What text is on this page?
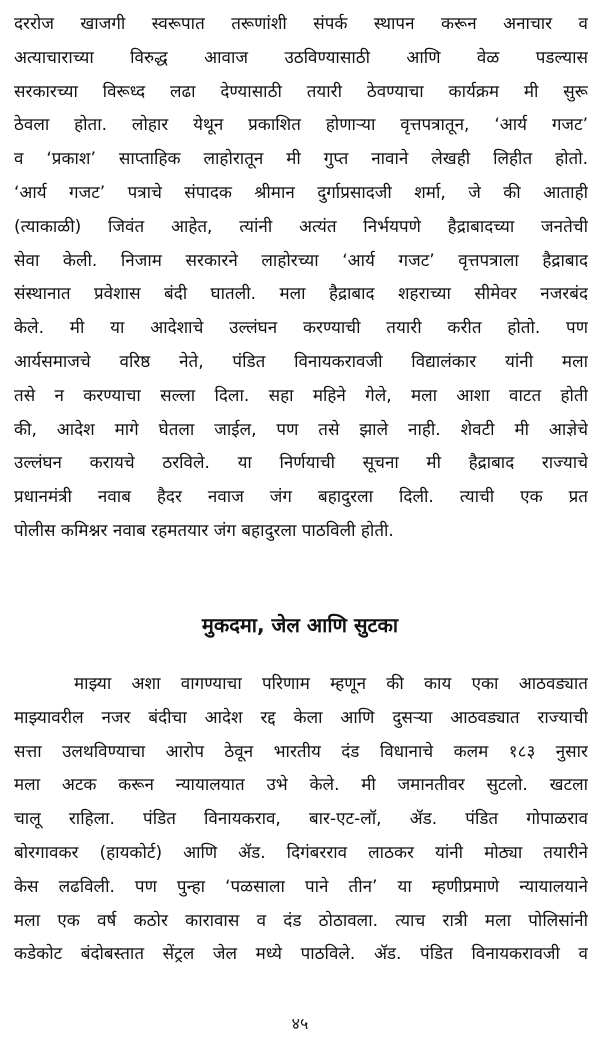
दररोज खाजगी स्वरूपात तरूणांशी संपर्क स्थापन करून अनाचार व
अत्याचाराच्या विरुद्ध आवाज उठविण्यासाठी आणि वेळ पडल्यास
सरकारच्या विरूध्द लढा देण्यासाठी तयारी ठेवण्याचा कार्यक्रम मी सुरू
ठेवला होता. लोहार येथून प्रकाशित होणाऱ्या वृत्तपत्रातून, ‘आर्य गजट’
व ‘प्रकाश’ साप्ताहिक लाहोरातून मी गुप्त नावाने लेखही लिहीत होतो.
‘आर्य गजट’ पत्राचे संपादक श्रीमान दुर्गाप्रसादजी शर्मा, जे की आताही
(त्याकाळी) जिवंत आहेत, त्यांनी अत्यंत निर्भयपणे हैद्राबादच्या जनतेची
सेवा केली. निजाम सरकारने लाहोरच्या ‘आर्य गजट’ वृत्तपत्राला हैद्राबाद
संस्थानात प्रवेशास बंदी घातली. मला हैद्राबाद शहराच्या सीमेवर नजरबंद
केले. मी या आदेशाचे उल्लंघन करण्याची तयारी करीत होतो. पण
आर्यसमाजचे वरिष्ठ नेते, पंडित विनायकरावजी विद्यालंकार यांनी मला
तसे न करण्याचा सल्ला दिला. सहा महिने गेले, मला आशा वाटत होती
की, आदेश मागे घेतला जाईल, पण तसे झाले नाही. शेवटी मी आज्ञेचे
उल्लंघन करायचे ठरविले. या निर्णयाची सूचना मी हैद्राबाद राज्याचे
प्रधानमंत्री नवाब हैदर नवाज जंग बहादुरला दिली. त्याची एक प्रत
पोलीस कमिश्नर नवाब रहमतयार जंग बहादुरला पाठविली होती.
मुकदमा, जेल आणि सुटका
माझ्या अशा वागण्याचा परिणाम म्हणून की काय एका आठवड्यात
माझ्यावरील नजर बंदीचा आदेश रद्द केला आणि दुसऱ्या आठवड्यात राज्याची
सत्ता उलथविण्याचा आरोप ठेवून भारतीय दंड विधानाचे कलम १८३ नुसार
मला अटक करून न्यायालयात उभे केले. मी जमानतीवर सुटलो. खटला
चालू राहिला. पंडित विनायकराव, बार-एट-लॉ, ॲड. पंडित गोपाळराव
बोरगावकर (हायकोर्ट) आणि ॲड. दिगंबरराव लाठकर यांनी मोठ्या तयारीने
केस लढविली. पण पुन्हा ‘पळसाला पाने तीन’ या म्हणीप्रमाणे न्यायालयाने
मला एक वर्ष कठोर कारावास व दंड ठोठावला. त्याच रात्री मला पोलिसांनी
कडेकोट बंदोबस्तात सेंट्रल जेल मध्ये पाठविले. ॲड. पंडित विनायकरावजी व
४५
